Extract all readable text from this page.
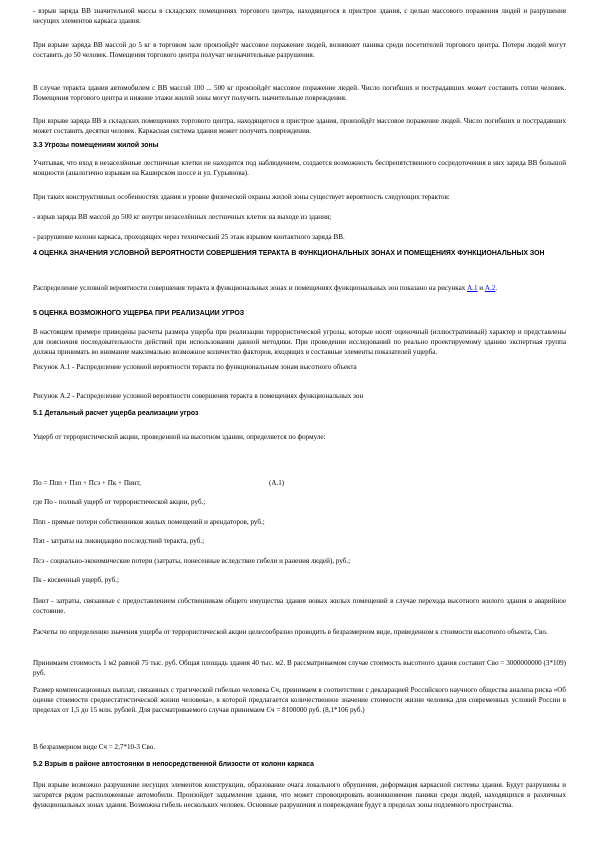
- взрыв заряда ВВ значительной массы в складских помещениях торгового центра, находящегося в пристрое здания, с целью массового поражения людей и разрушения несущих элементов каркаса здания.

При взрыве заряда ВВ массой до 5 кг в торговом зале произойдёт массовое поражение людей, возникнет паника среди посетителей торгового центра. Потери людей могут составить до 50 человек. Помещения торгового центра получат незначительные разрушения.

В случае теракта здания автомобилем с ВВ массой 100 ... 500 кг произойдёт массовое поражение людей. Число погибших и пострадавших может составить сотни человек. Помещения торгового центра и нижние этажи жилой зоны могут получить значительные повреждения.

При взрыве заряда ВВ в складских помещениях торгового центра, находящегося в пристрое здания, произойдёт массовое поражение людей. Число погибших и пострадавших может составить десятки человек. Каркасная система здания может получить повреждения.

3.3 Угрозы помещениям жилой зоны

Учитывая, что вход в незаселённые лестничные клетки не находится под наблюдением, создается возможность беспрепятственного сосредоточения в них заряда ВВ большой мощности (аналогично взрывам на Каширском шоссе и ул. Гурьянова).

При таких конструктивных особенностях здания и уровне физической охраны жилой зоны существует вероятность следующих терактов:

- взрыв заряда ВВ массой до 500 кг внутри незаселённых лестничных клеток на выходе из здания;

- разрушение колонн каркаса, проходящих через технический 25 этаж взрывом контактного заряда ВВ.

4 ОЦЕНКА ЗНАЧЕНИЯ УСЛОВНОЙ ВЕРОЯТНОСТИ СОВЕРШЕНИЯ ТЕРАКТА В ФУНКЦИОНАЛЬНЫХ ЗОНАХ И ПОМЕЩЕНИЯХ ФУНКЦИОНАЛЬНЫХ ЗОН

Распределение условной вероятности совершения теракта в функциональных зонах и помещениях функциональных зон показано на рисунках А.1 и А.2.

5 ОЦЕНКА ВОЗМОЖНОГО УЩЕРБА ПРИ РЕАЛИЗАЦИИ УГРОЗ

В настоящем примере приведены расчеты размера ущерба при реализации террористической угрозы, которые носят оценочный (иллюстративный) характер и представлены для пояснения последовательности действий при использовании данной методики. При проведении исследований по реально проектируемому зданию экспертная группа должна принимать во внимание максимально возможное количество факторов, входящих в составные элементы показателей ущерба.

Рисунок А.1 - Распределение условной вероятности теракта по функциональным зонам высотного объекта

Рисунок А.2 - Распределение условной вероятности совершения теракта в помещениях функциональных зон

5.1 Детальный расчет ущерба реализации угроз

Ущерб от террористической акции, проведенной на высотном здании, определяется по формуле:

По = Ппп + Пзп + Псэ + Пк + Пинт,	(А.1)

где По - полный ущерб от террористической акции, руб.;

Ппп - прямые потери собственников жилых помещений и арендаторов, руб.;

Пзп - затраты на ликвидацию последствий теракта, руб.;

Псэ - социально-экономические потери (затраты, понесенные вследствие гибели и ранения людей), руб.;

Пк - косвенный ущерб, руб.;

Пинт - затраты, связанные с предоставлением собственникам общего имущества здания новых жилых помещений в случае перехода высотного жилого здания в аварийное состояние.

Расчеты по определению значения ущерба от террористической акции целесообразно проводить в безразмерном виде, приведенном к стоимости высотного объекта, Сво.

Принимаем стоимость 1 м2 равной 75 тыс. руб. Общая площадь здания 40 тыс. м2. В рассматриваемом случае стоимость высотного здания составит Сво = 3000000000 (3*109) руб.

Размер компенсационных выплат, связанных с трагической гибелью человека Сч, принимаем в соответствии с декларацией Российского научного общества анализа риска «Об оценке стоимости среднестатистической жизни человека», в которой предлагается количественное значение стоимости жизни человека для современных условий России в пределах от 1,5 до 15 млн. рублей. Для рассматриваемого случая принимаем Сч = 8100000 руб. (8,1*106 руб.)

В безразмерном виде Сч = 2,7*10-3 Сво.

5.2 Взрыв в районе автостоянки в непосредственной близости от колонн каркаса

При взрыве возможно разрушение несущих элементов конструкции, образование очага локального обрушения, деформация каркасной системы здания. Будут разрушены и загорятся рядом расположенные автомобили. Произойдет задымление здания, что может спровоцировать возникновение паники среди людей, находящихся в различных функциональных зонах здания. Возможна гибель нескольких человек. Основные разрушения и повреждения будут в пределах зоны подземного пространства.
